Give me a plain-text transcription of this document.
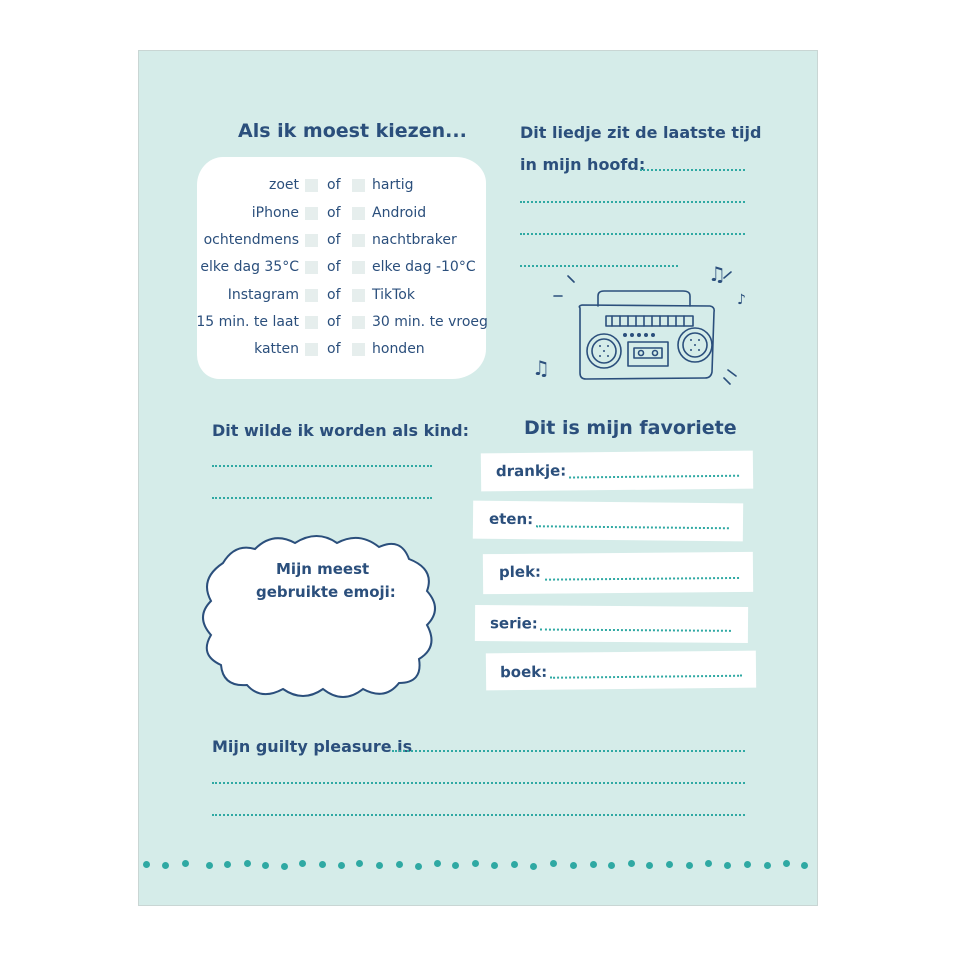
Als ik moest kiezen...
zoet of hartig
iPhone of Android
ochtendmens of nachtbraker
elke dag 35°C of elke dag -10°C
Instagram of TikTok
15 min. te laat of 30 min. te vroeg
katten of honden
Dit liedje zit de laatste tijd
in mijn hoofd:
♫
♪
♫
Dit wilde ik worden als kind:
Mijn meest
gebruikte emoji:
Dit is mijn favoriete
drankje:
eten:
plek:
serie:
boek:
Mijn guilty pleasure is
